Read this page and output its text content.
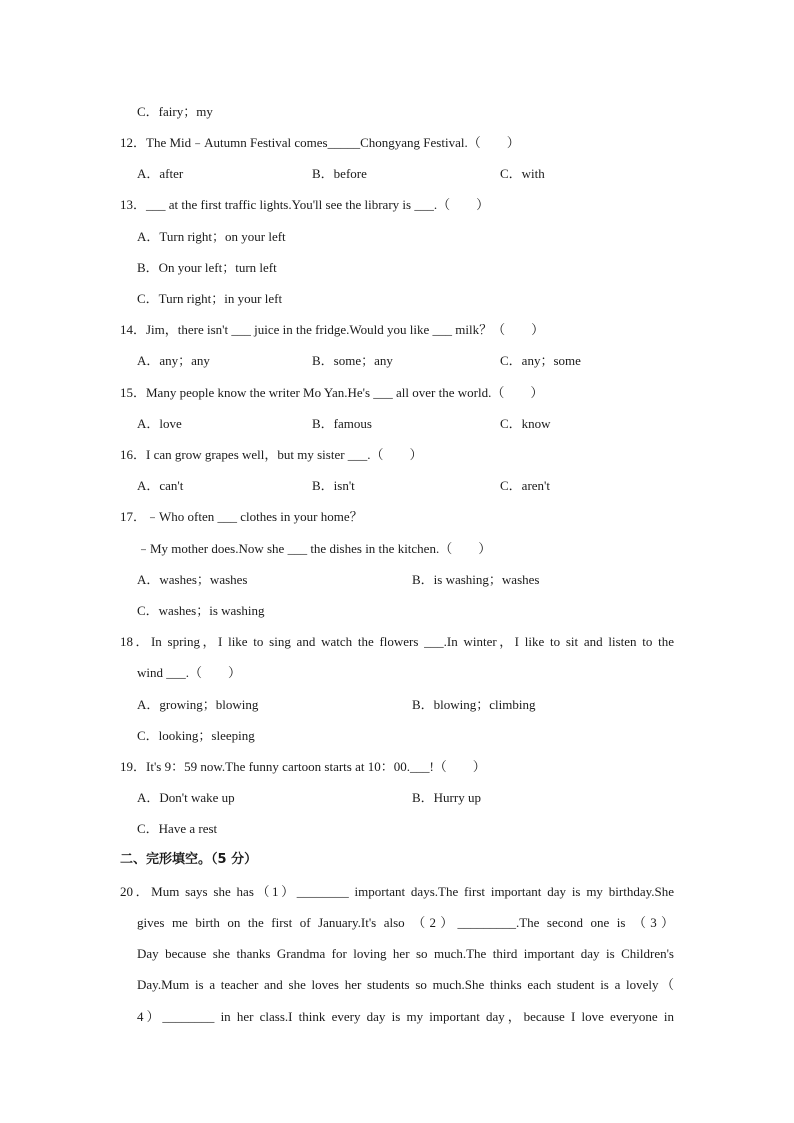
C．fairy；my
12．The Mid﹣Autumn Festival comes_____Chongyang Festival.（　　）
A．after	B．before	C．with
13．___ at the first traffic lights.You'll see the library is ___.（　　）
A．Turn right；on your left
B．On your left；turn left
C．Turn right；in your left
14．Jim，there isn't ___ juice in the fridge.Would you like ___ milk？（　　）
A．any；any	B．some；any	C．any；some
15．Many people know the writer Mo Yan.He's ___ all over the world.（　　）
A．love	B．famous	C．know
16．I can grow grapes well，but my sister ___.（　　）
A．can't	B．isn't	C．aren't
17．﹣Who often ___ clothes in your home？
﹣My mother does.Now she ___ the dishes in the kitchen.（　　）
A．washes；washes	B．is washing；washes
C．washes；is washing
18．In spring，I like to sing and watch the flowers ___.In winter，I like to sit and listen to the
wind ___.（　　）
A．growing；blowing	B．blowing；climbing
C．looking；sleeping
19．It's 9：59 now.The funny cartoon starts at 10：00.___!（　　）
A．Don't wake up	B．Hurry up
C．Have a rest
二、完形填空。（5 分）
20．Mum says she has（1）________ important days.The first important day is my birthday.She
gives me birth on the first of January.It's also （2）_________.The second one is （3）
Day because she thanks Grandma for loving her so much.The third important day is Children's
Day.Mum is a teacher and she loves her students so much.She thinks each student is a lovely（
4）________ in her class.I think every day is my important day，because I love everyone in
